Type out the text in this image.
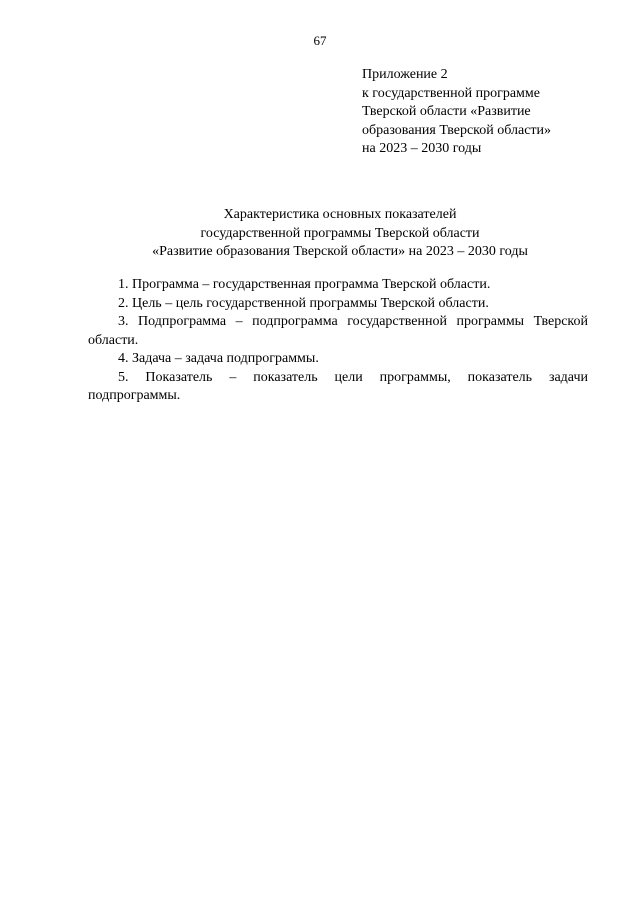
67
Приложение 2
к государственной программе
Тверской области «Развитие
образования Тверской области»
на 2023 – 2030 годы
Характеристика основных показателей
государственной программы Тверской области
«Развитие образования Тверской области» на 2023 – 2030 годы

1. Программа – государственная программа Тверской области.

2. Цель – цель государственной программы Тверской области.

3. Подпрограмма – подпрограмма государственной программы Тверской области.

4. Задача – задача подпрограммы.

5. Показатель – показатель цели программы, показатель задачи подпрограммы.
